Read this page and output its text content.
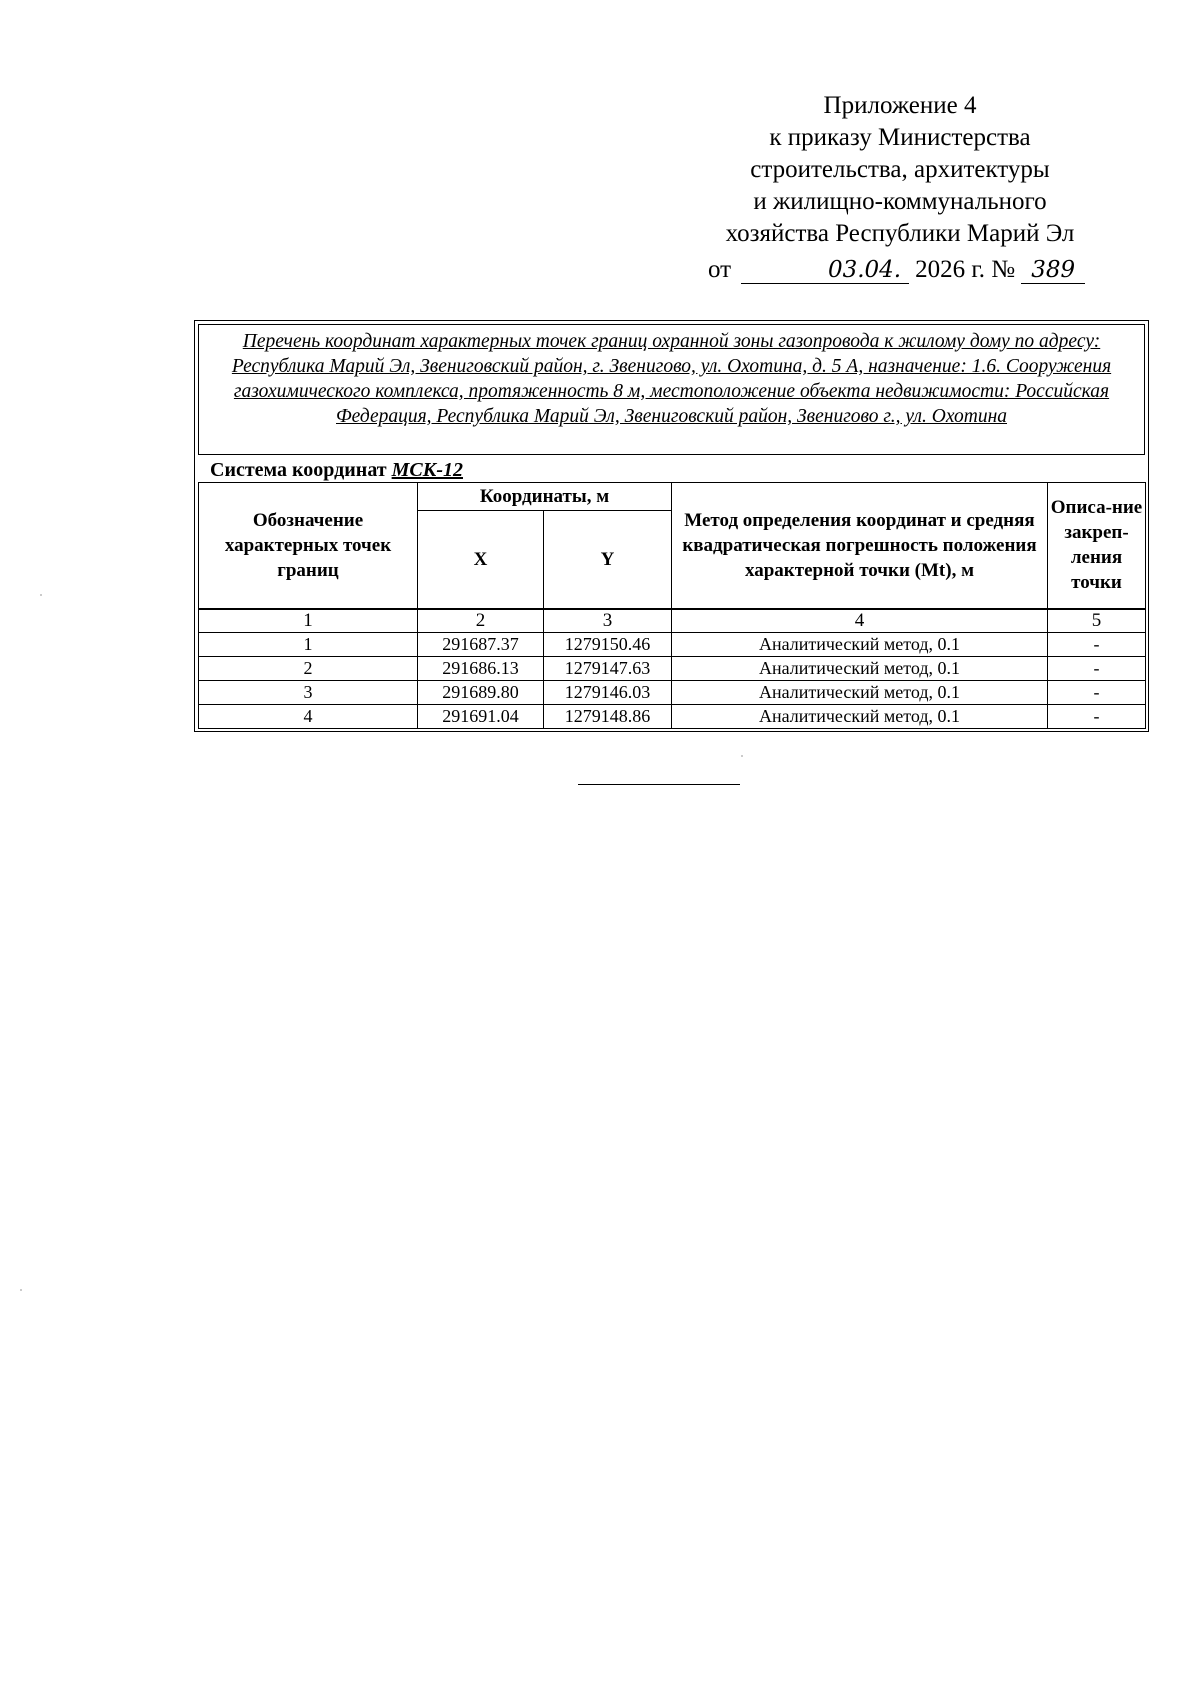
Приложение 4
к приказу Министерства
строительства, архитектуры
и жилищно-коммунального
хозяйства Республики Марий Эл
от	03.04. 2026 г. № 389
Перечень координат характерных точек границ охранной зоны газопровода к жилому дому по адресу: Республика Марий Эл, Звениговский район, г. Звенигово, ул. Охотина, д. 5 А, назначение: 1.6. Сооружения газохимического комплекса, протяженность 8 м, местоположение объекта недвижимости: Российская Федерация, Республика Марий Эл, Звениговский район, Звенигово г., ул. Охотина
Система координат МСК-12
Обозначение характерных точек границ	Координаты, м		Метод определения координат и средняя квадратическая погрешность положения характерной точки (Mt), м	Описа-ние закреп-ления точки
	X	Y		
1	2	3	4	5
1	291687.37	1279150.46	Аналитический метод, 0.1	-
2	291686.13	1279147.63	Аналитический метод, 0.1	-
3	291689.80	1279146.03	Аналитический метод, 0.1	-
4	291691.04	1279148.86	Аналитический метод, 0.1	-
